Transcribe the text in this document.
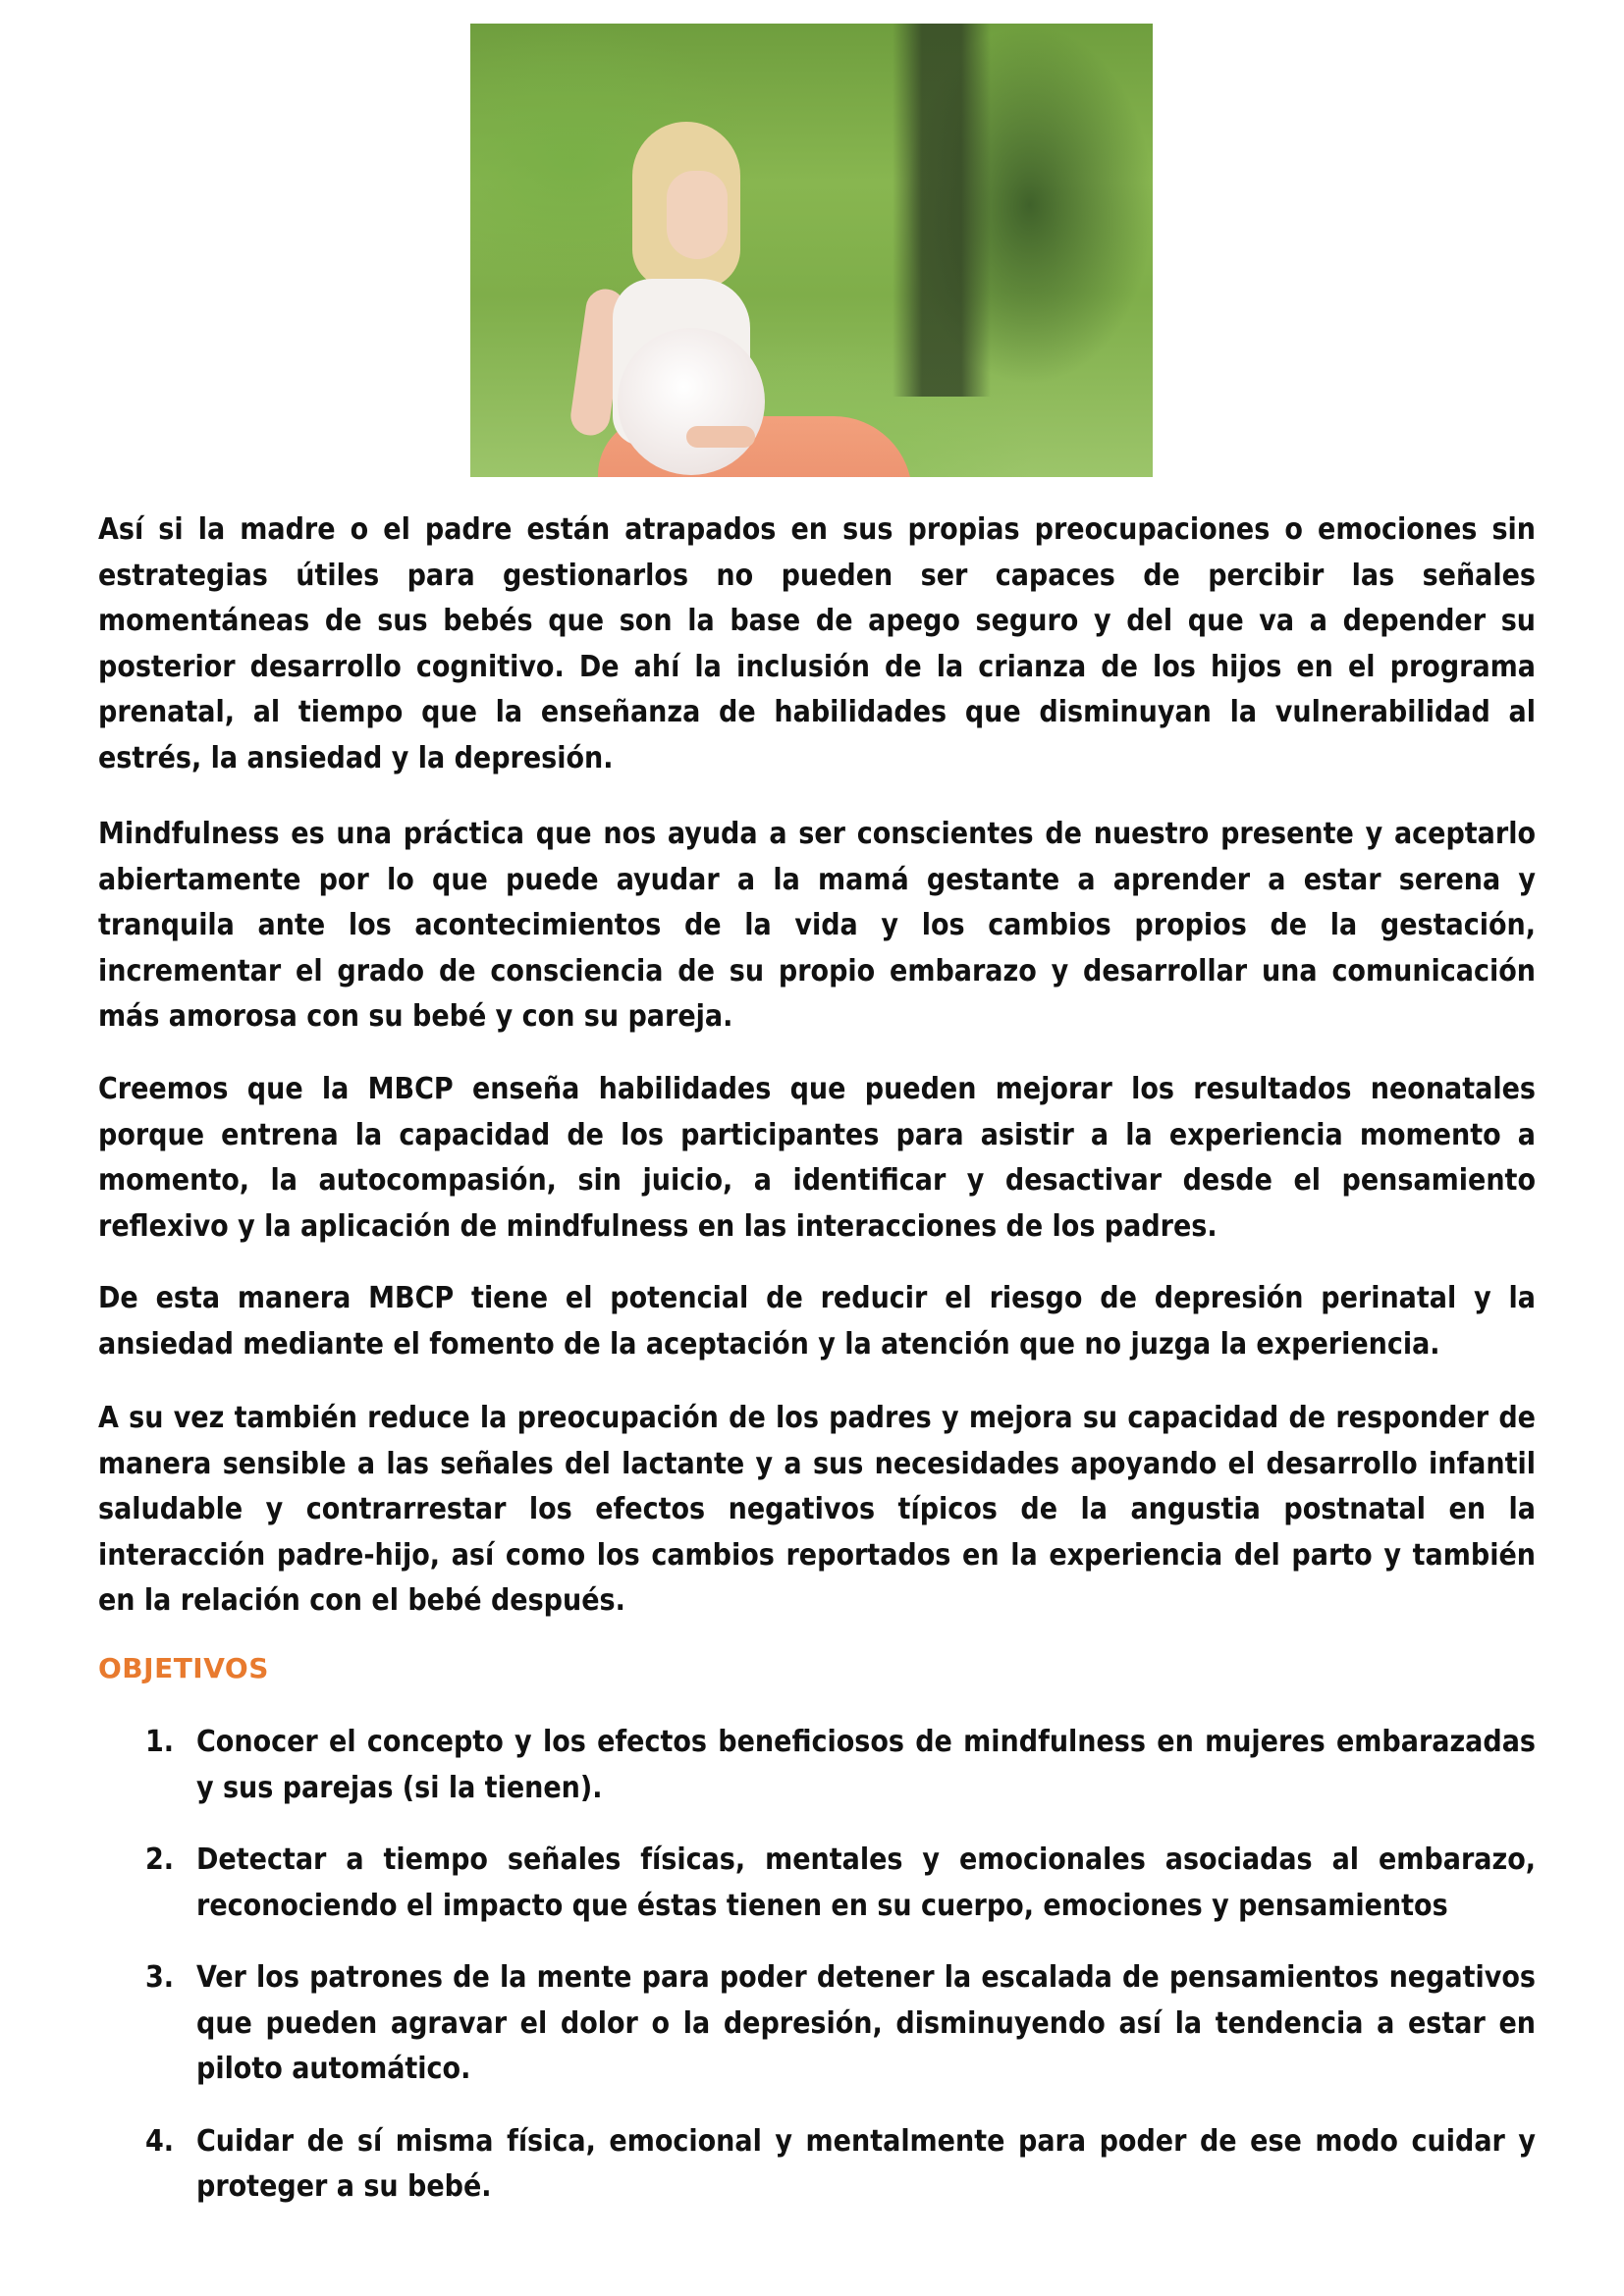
Así si la madre o el padre están atrapados en sus propias preocupaciones o emociones sin estrategias útiles para gestionarlos no pueden ser capaces de percibir las señales momentáneas de sus bebés que son la base de apego seguro y del que va a depender su posterior desarrollo cognitivo. De ahí la inclusión de la crianza de los hijos en el programa prenatal, al tiempo que la enseñanza de habilidades que disminuyan la vulnerabilidad al estrés, la ansiedad y la depresión.

Mindfulness es una práctica que nos ayuda a ser conscientes de nuestro presente y aceptarlo abiertamente por lo que puede ayudar a la mamá gestante a aprender a estar serena y tranquila ante los acontecimientos de la vida y los cambios propios de la gestación, incrementar el grado de consciencia de su propio embarazo y desarrollar una comunicación más amorosa con su bebé y con su pareja.

Creemos que la MBCP enseña habilidades que pueden mejorar los resultados neonatales porque entrena la capacidad de los participantes para asistir a la experiencia momento a momento, la autocompasión, sin juicio, a identificar y desactivar desde el pensamiento reflexivo y la aplicación de mindfulness en las interacciones de los padres.

De esta manera MBCP tiene el potencial de reducir el riesgo de depresión perinatal y la ansiedad mediante el fomento de la aceptación y la atención que no juzga la experiencia.

A su vez también reduce la preocupación de los padres y mejora su capacidad de responder de manera sensible a las señales del lactante y a sus necesidades apoyando el desarrollo infantil saludable y contrarrestar los efectos negativos típicos de la angustia postnatal en la interacción padre-hijo, así como los cambios reportados en la experiencia del parto y también en la relación con el bebé después.

OBJETIVOS
1. Conocer el concepto y los efectos beneficiosos de mindfulness en mujeres embarazadas y sus parejas (si la tienen).
2. Detectar a tiempo señales físicas, mentales y emocionales asociadas al embarazo, reconociendo el impacto que éstas tienen en su cuerpo, emociones y pensamientos
3. Ver los patrones de la mente para poder detener la escalada de pensamientos negativos que pueden agravar el dolor o la depresión, disminuyendo así la tendencia a estar en piloto automático.
4. Cuidar de sí misma física, emocional y mentalmente para poder de ese modo cuidar y proteger a su bebé.
